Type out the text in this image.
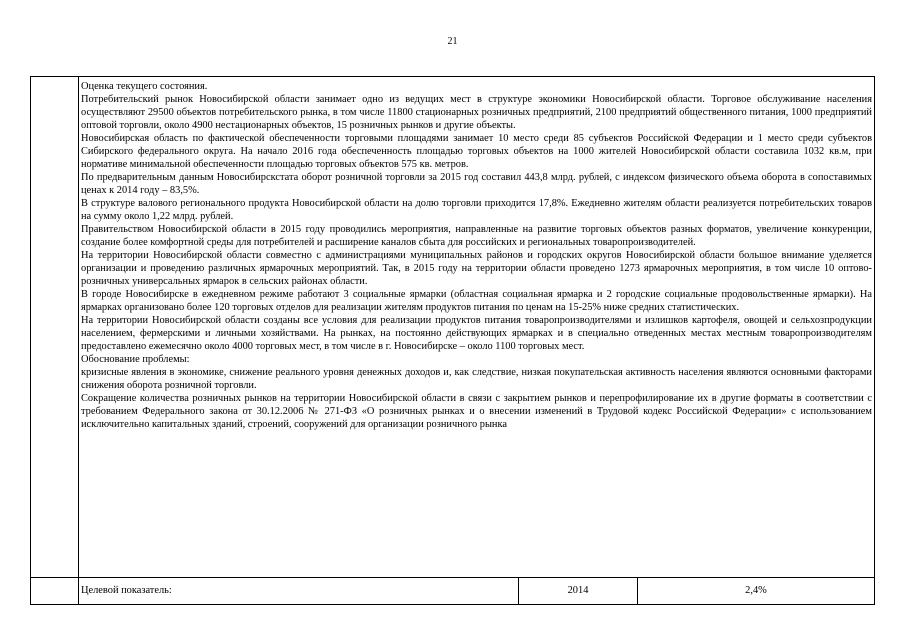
21

Оценка текущего состояния.

Потребительский рынок Новосибирской области занимает одно из ведущих мест в структуре экономики Новосибирской области. Торговое обслуживание населения осуществляют 29500 объектов потребительского рынка, в том числе 11800 стационарных розничных предприятий, 2100 предприятий общественного питания, 1000 предприятий оптовой торговли, около 4900 нестационарных объектов, 15 розничных рынков и другие объекты.

Новосибирская область по фактической обеспеченности торговыми площадями занимает 10 место среди 85 субъектов Российской Федерации и 1 место среди субъектов Сибирского федерального округа. На начало 2016 года обеспеченность площадью торговых объектов на 1000 жителей Новосибирской области составила 1032 кв.м, при нормативе минимальной обеспеченности площадью торговых объектов 575 кв. метров.

По предварительным данным Новосибирскстата оборот розничной торговли за 2015 год составил 443,8 млрд. рублей, с индексом физического объема оборота в сопоставимых ценах к 2014 году – 83,5%.

В структуре валового регионального продукта Новосибирской области на долю торговли приходится 17,8%. Ежедневно жителям области реализуется потребительских товаров на сумму около 1,22 млрд. рублей.

Правительством Новосибирской области в 2015 году проводились мероприятия, направленные на развитие торговых объектов разных форматов, увеличение конкуренции, создание более комфортной среды для потребителей и расширение каналов сбыта для российских и региональных товаропроизводителей.

На территории Новосибирской области совместно с администрациями муниципальных районов и городских округов Новосибирской области большое внимание уделяется организации и проведению различных ярмарочных мероприятий. Так, в 2015 году на территории области проведено 1273 ярмарочных мероприятия, в том числе 10 оптово-розничных универсальных ярмарок в сельских районах области.

В городе Новосибирске в ежедневном режиме работают 3 социальные ярмарки (областная социальная ярмарка и 2 городские социальные продовольственные ярмарки). На ярмарках организовано более 120 торговых отделов для реализации жителям продуктов питания по ценам на 15-25% ниже средних статистических.

На территории Новосибирской области созданы все условия для реализации продуктов питания товаропроизводителями и излишков картофеля, овощей и сельхозпродукции населением, фермерскими и личными хозяйствами. На рынках, на постоянно действующих ярмарках и в специально отведенных местах местным товаропроизводителям предоставлено ежемесячно около 4000 торговых мест, в том числе в г. Новосибирске – около 1100 торговых мест.

Обоснование проблемы:

кризисные явления в экономике, снижение реального уровня денежных доходов и, как следствие, низкая покупательская активность населения являются основными факторами снижения оборота розничной торговли.

Сокращение количества розничных рынков на территории Новосибирской области в связи с закрытием рынков и перепрофилирование их в другие форматы в соответствии с требованием Федерального закона от 30.12.2006 № 271-ФЗ «О розничных рынках и о внесении изменений в Трудовой кодекс Российской Федерации» с использованием исключительно капитальных зданий, строений, сооружений для организации розничного рынка

Целевой показатель:	2014	2,4%
